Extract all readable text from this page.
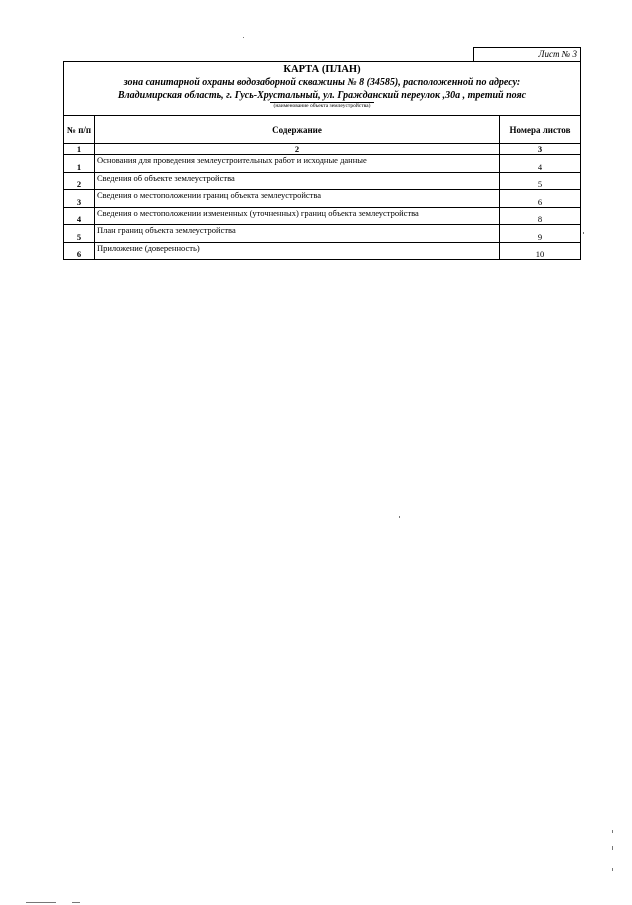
Лист № 3
КАРТА (ПЛАН)
зона санитарной охраны водозаборной скважины № 8 (34585), расположенной по адресу:
Владимирская область, г. Гусь-Хрустальный, ул. Гражданский переулок ,30а , третий пояс
(наименование объекта землеустройства)
№ п/п	Содержание	Номера листов
1	2	3
1	Основания для проведения землеустроительных работ и исходные данные	4
2	Сведения об объекте землеустройства	5
3	Сведения о местоположении границ объекта землеустройства	6
4	Сведения о местоположении измененных (уточненных) границ объекта землеустройства	8
5	План границ объекта землеустройства	9
6	Приложение (доверенность)	10
